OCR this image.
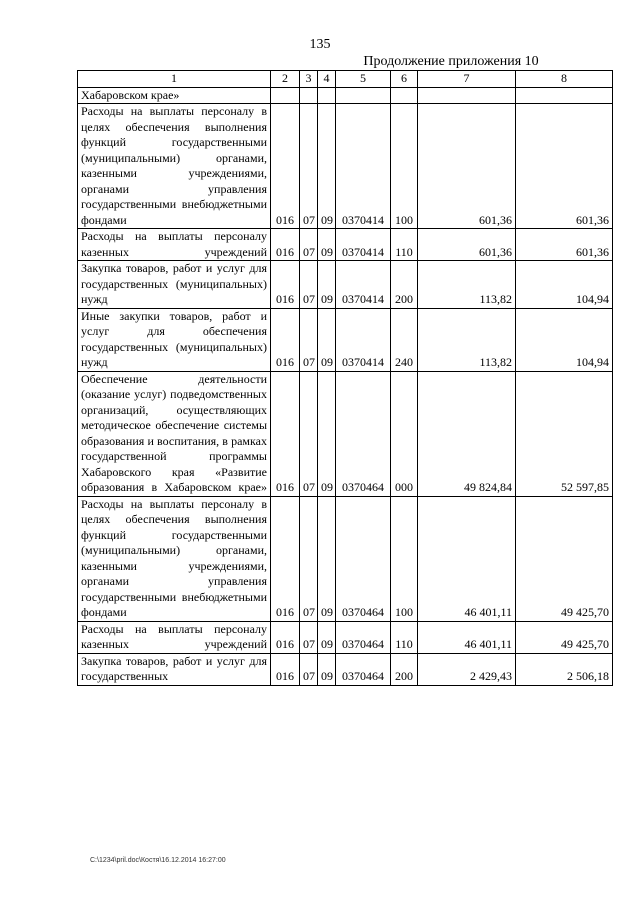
135
Продолжение приложения 10
1	2	3	4	5	6	7	8
Хабаровском крае»							
Расходы на выплаты персоналу в целях обеспечения выполнения функций государственными (муниципальными) органами, казенными учреждениями, органами управления государственными внебюджетными фондами	016	07	09	0370414	100	601,36	601,36
Расходы на выплаты персоналу казенных учреждений	016	07	09	0370414	110	601,36	601,36
Закупка товаров, работ и услуг для государственных (муниципальных) нужд	016	07	09	0370414	200	113,82	104,94
Иные закупки товаров, работ и услуг для обеспечения государственных (муниципальных) нужд	016	07	09	0370414	240	113,82	104,94
Обеспечение деятельности (оказание услуг) подведомственных организаций, осуществляющих методическое обеспечение системы образования и воспитания, в рамках государственной программы Хабаровского края «Развитие образования в Хабаровском крае»	016	07	09	0370464	000	49 824,84	52 597,85
Расходы на выплаты персоналу в целях обеспечения выполнения функций государственными (муниципальными) органами, казенными учреждениями, органами управления государственными внебюджетными фондами	016	07	09	0370464	100	46 401,11	49 425,70
Расходы на выплаты персоналу казенных учреждений	016	07	09	0370464	110	46 401,11	49 425,70
Закупка товаров, работ и услуг для государственных	016	07	09	0370464	200	2 429,43	2 506,18
C:\1234\pril.doc\Костя\16.12.2014 16:27:00
